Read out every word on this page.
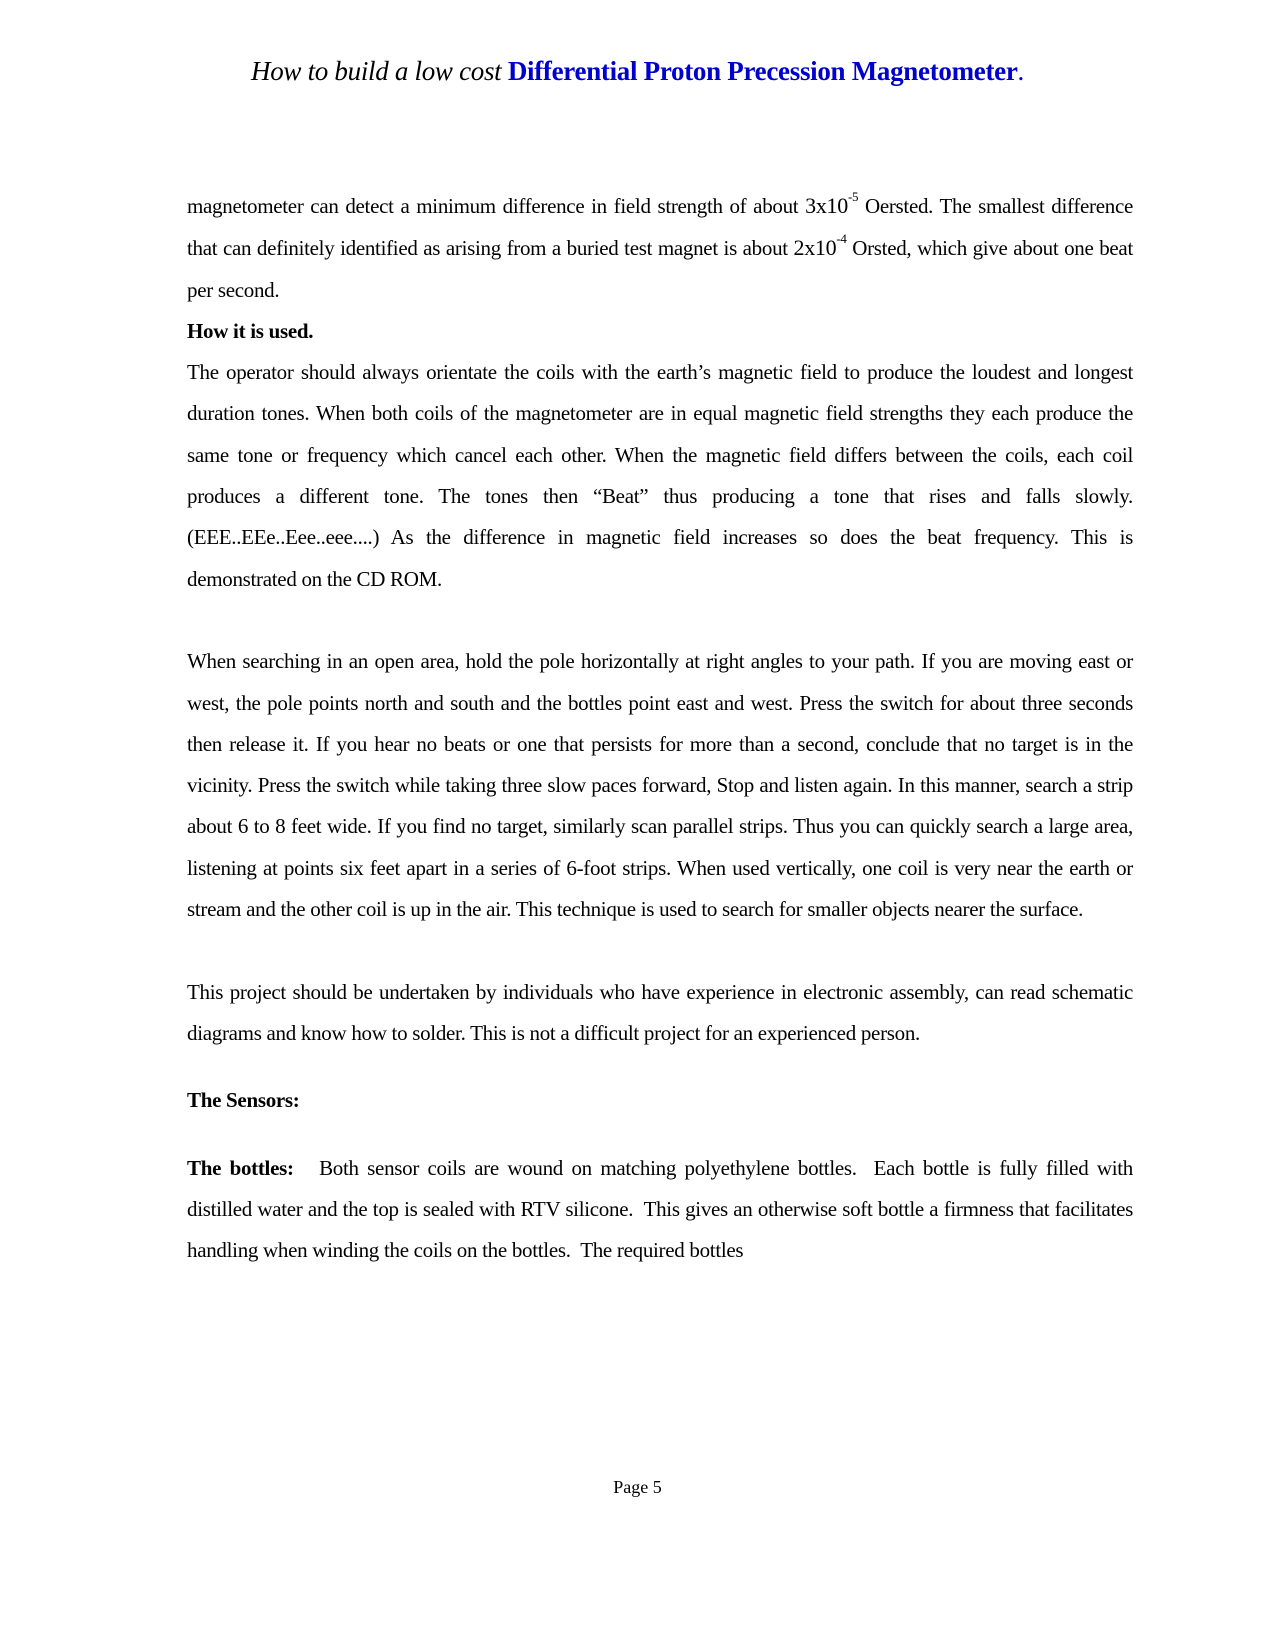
How to build a low cost Differential Proton Precession Magnetometer.

magnetometer can detect a minimum difference in field strength of about $3x10^{-5}$ Oersted. The smallest difference that can definitely identified as arising from a buried test magnet is about $2x10^{-4}$ Orsted, which give about one beat per second.

How it is used.

The operator should always orientate the coils with the earth’s magnetic field to produce the loudest and longest duration tones. When both coils of the magnetometer are in equal magnetic field strengths they each produce the same tone or frequency which cancel each other. When the magnetic field differs between the coils, each coil produces a different tone. The tones then “Beat” thus producing a tone that rises and falls slowly. (EEE..EEe..Eee..eee....) As the difference in magnetic field increases so does the beat frequency. This is demonstrated on the CD ROM.

When searching in an open area, hold the pole horizontally at right angles to your path. If you are moving east or west, the pole points north and south and the bottles point east and west. Press the switch for about three seconds then release it. If you hear no beats or one that persists for more than a second, conclude that no target is in the vicinity. Press the switch while taking three slow paces forward, Stop and listen again. In this manner, search a strip about 6 to 8 feet wide. If you find no target, similarly scan parallel strips. Thus you can quickly search a large area, listening at points six feet apart in a series of 6-foot strips. When used vertically, one coil is very near the earth or stream and the other coil is up in the air. This technique is used to search for smaller objects nearer the surface.

This project should be undertaken by individuals who have experience in electronic assembly, can read schematic diagrams and know how to solder. This is not a difficult project for an experienced person.

The Sensors:

The bottles:   Both sensor coils are wound on matching polyethylene bottles.  Each bottle is fully filled with distilled water and the top is sealed with RTV silicone.  This gives an otherwise soft bottle a firmness that facilitates handling when winding the coils on the bottles.  The required bottles

Page 5
